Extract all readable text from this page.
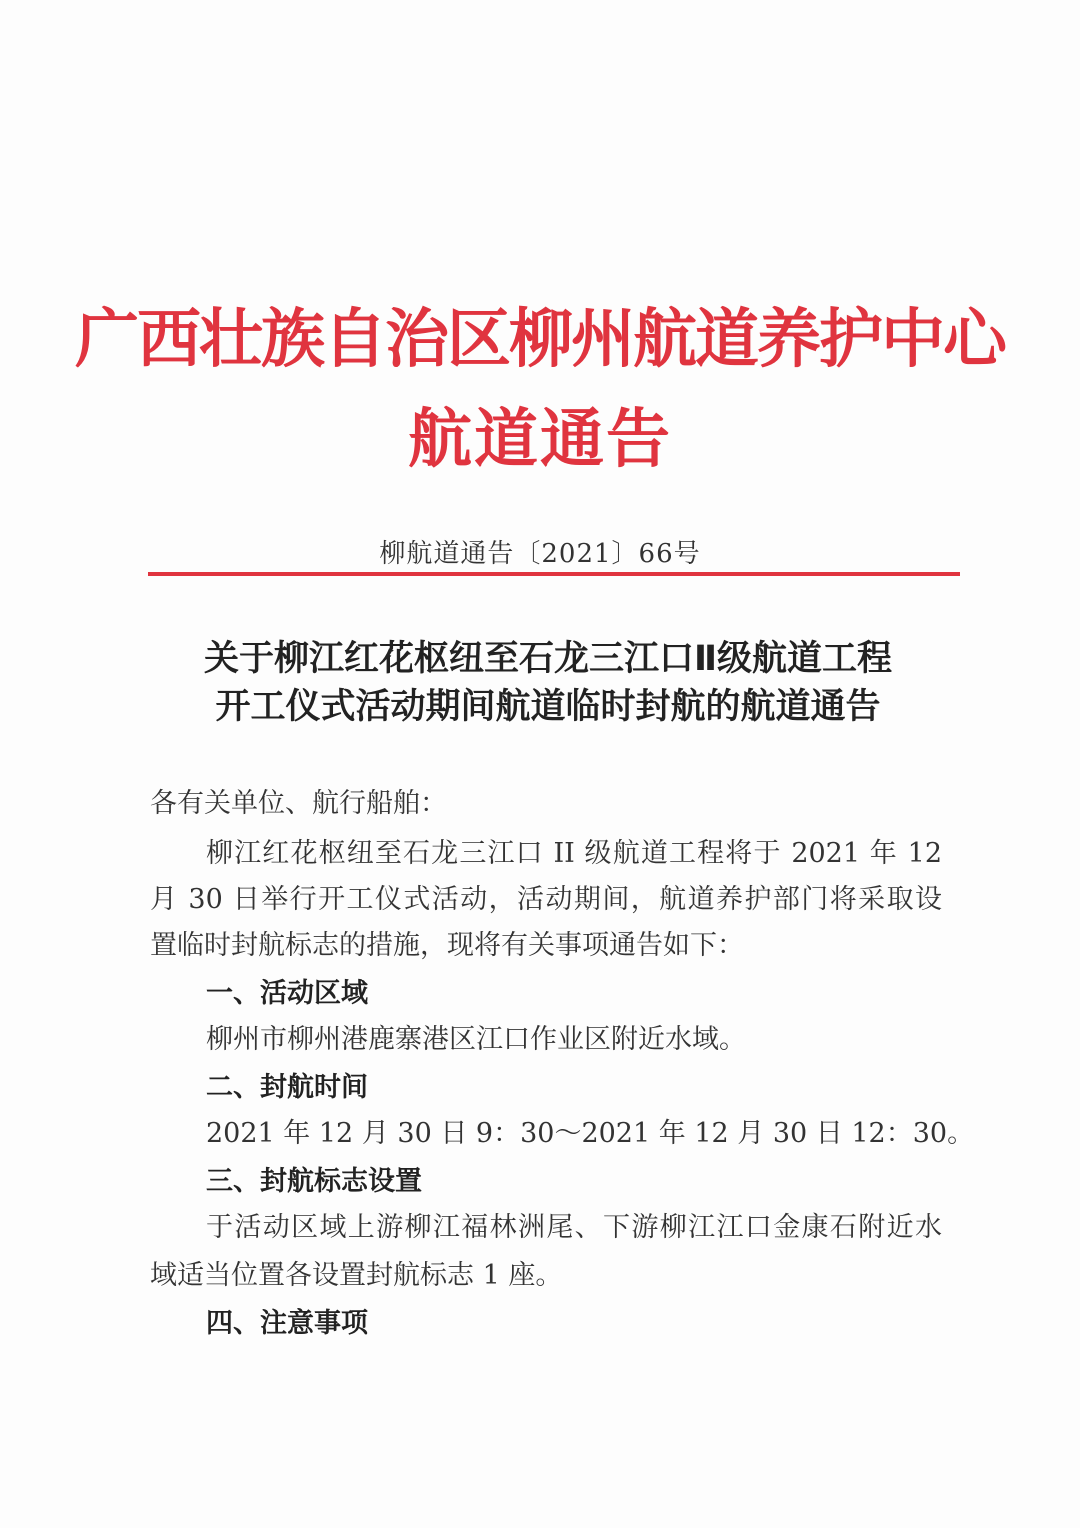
广西壮族自治区柳州航道养护中心
航道通告
柳航道通告〔2021〕66号
关于柳江红花枢纽至石龙三江口Ⅱ级航道工程
开工仪式活动期间航道临时封航的航道通告
各有关单位、航行船舶：
柳江红花枢纽至石龙三江口 II 级航道工程将于 2021 年 12
月 30 日举行开工仪式活动，活动期间，航道养护部门将采取设
置临时封航标志的措施，现将有关事项通告如下：
一、活动区域
柳州市柳州港鹿寨港区江口作业区附近水域。
二、封航时间
2021 年 12 月 30 日 9：30～2021 年 12 月 30 日 12：30。
三、封航标志设置
于活动区域上游柳江福林洲尾、下游柳江江口金康石附近水
域适当位置各设置封航标志 1 座。
四、注意事项
